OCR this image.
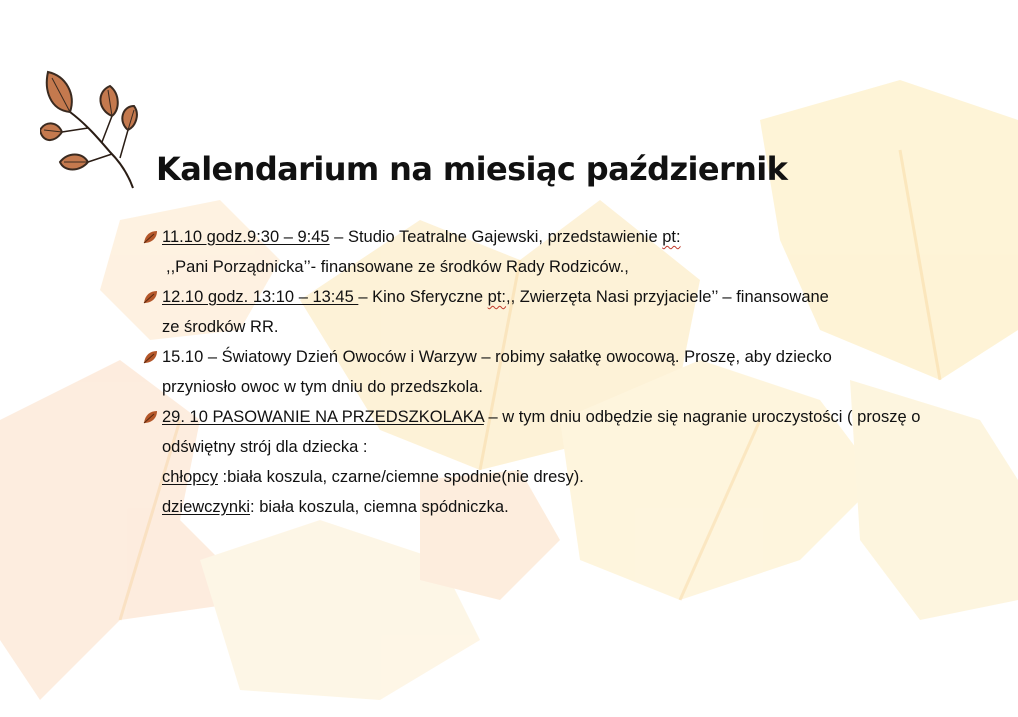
Kalendarium na miesiąc październik
11.10 godz.9:30 – 9:45 – Studio Teatralne Gajewski, przedstawienie pt:
,,Pani Porządnicka’’- finansowane ze środków Rady Rodziców.,
12.10 godz. 13:10 – 13:45 – Kino Sferyczne pt:,, Zwierzęta Nasi przyjaciele’’ – finansowane
ze środków RR.
15.10 – Światowy Dzień Owoców i Warzyw – robimy sałatkę owocową. Proszę, aby dziecko
przyniosło owoc w tym dniu do przedszkola.
29. 10 PASOWANIE NA PRZEDSZKOLAKA – w tym dniu odbędzie się nagranie uroczystości ( proszę o
odświętny strój dla dziecka :
chłopcy :biała koszula, czarne/ciemne spodnie(nie dresy).
dziewczynki: biała koszula, ciemna spódniczka.
